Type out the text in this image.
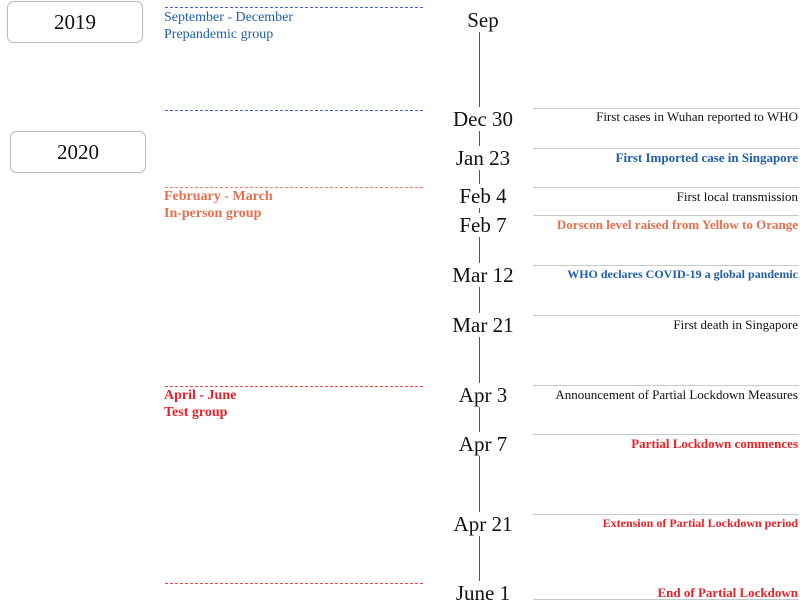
2019
2020
September - December
Prepandemic group
February - March
In-person group
April - June
Test group
Sep
Dec 30
Jan 23
Feb 4
Feb 7
Mar 12
Mar 21
Apr 3
Apr 7
Apr 21
June 1
First cases in Wuhan reported to WHO
First Imported case in Singapore
First local transmission
Dorscon level raised from Yellow to Orange
WHO declares COVID-19 a global pandemic
First death in Singapore
Announcement of Partial Lockdown Measures
Partial Lockdown commences
Extension of Partial Lockdown period
End of Partial Lockdown
